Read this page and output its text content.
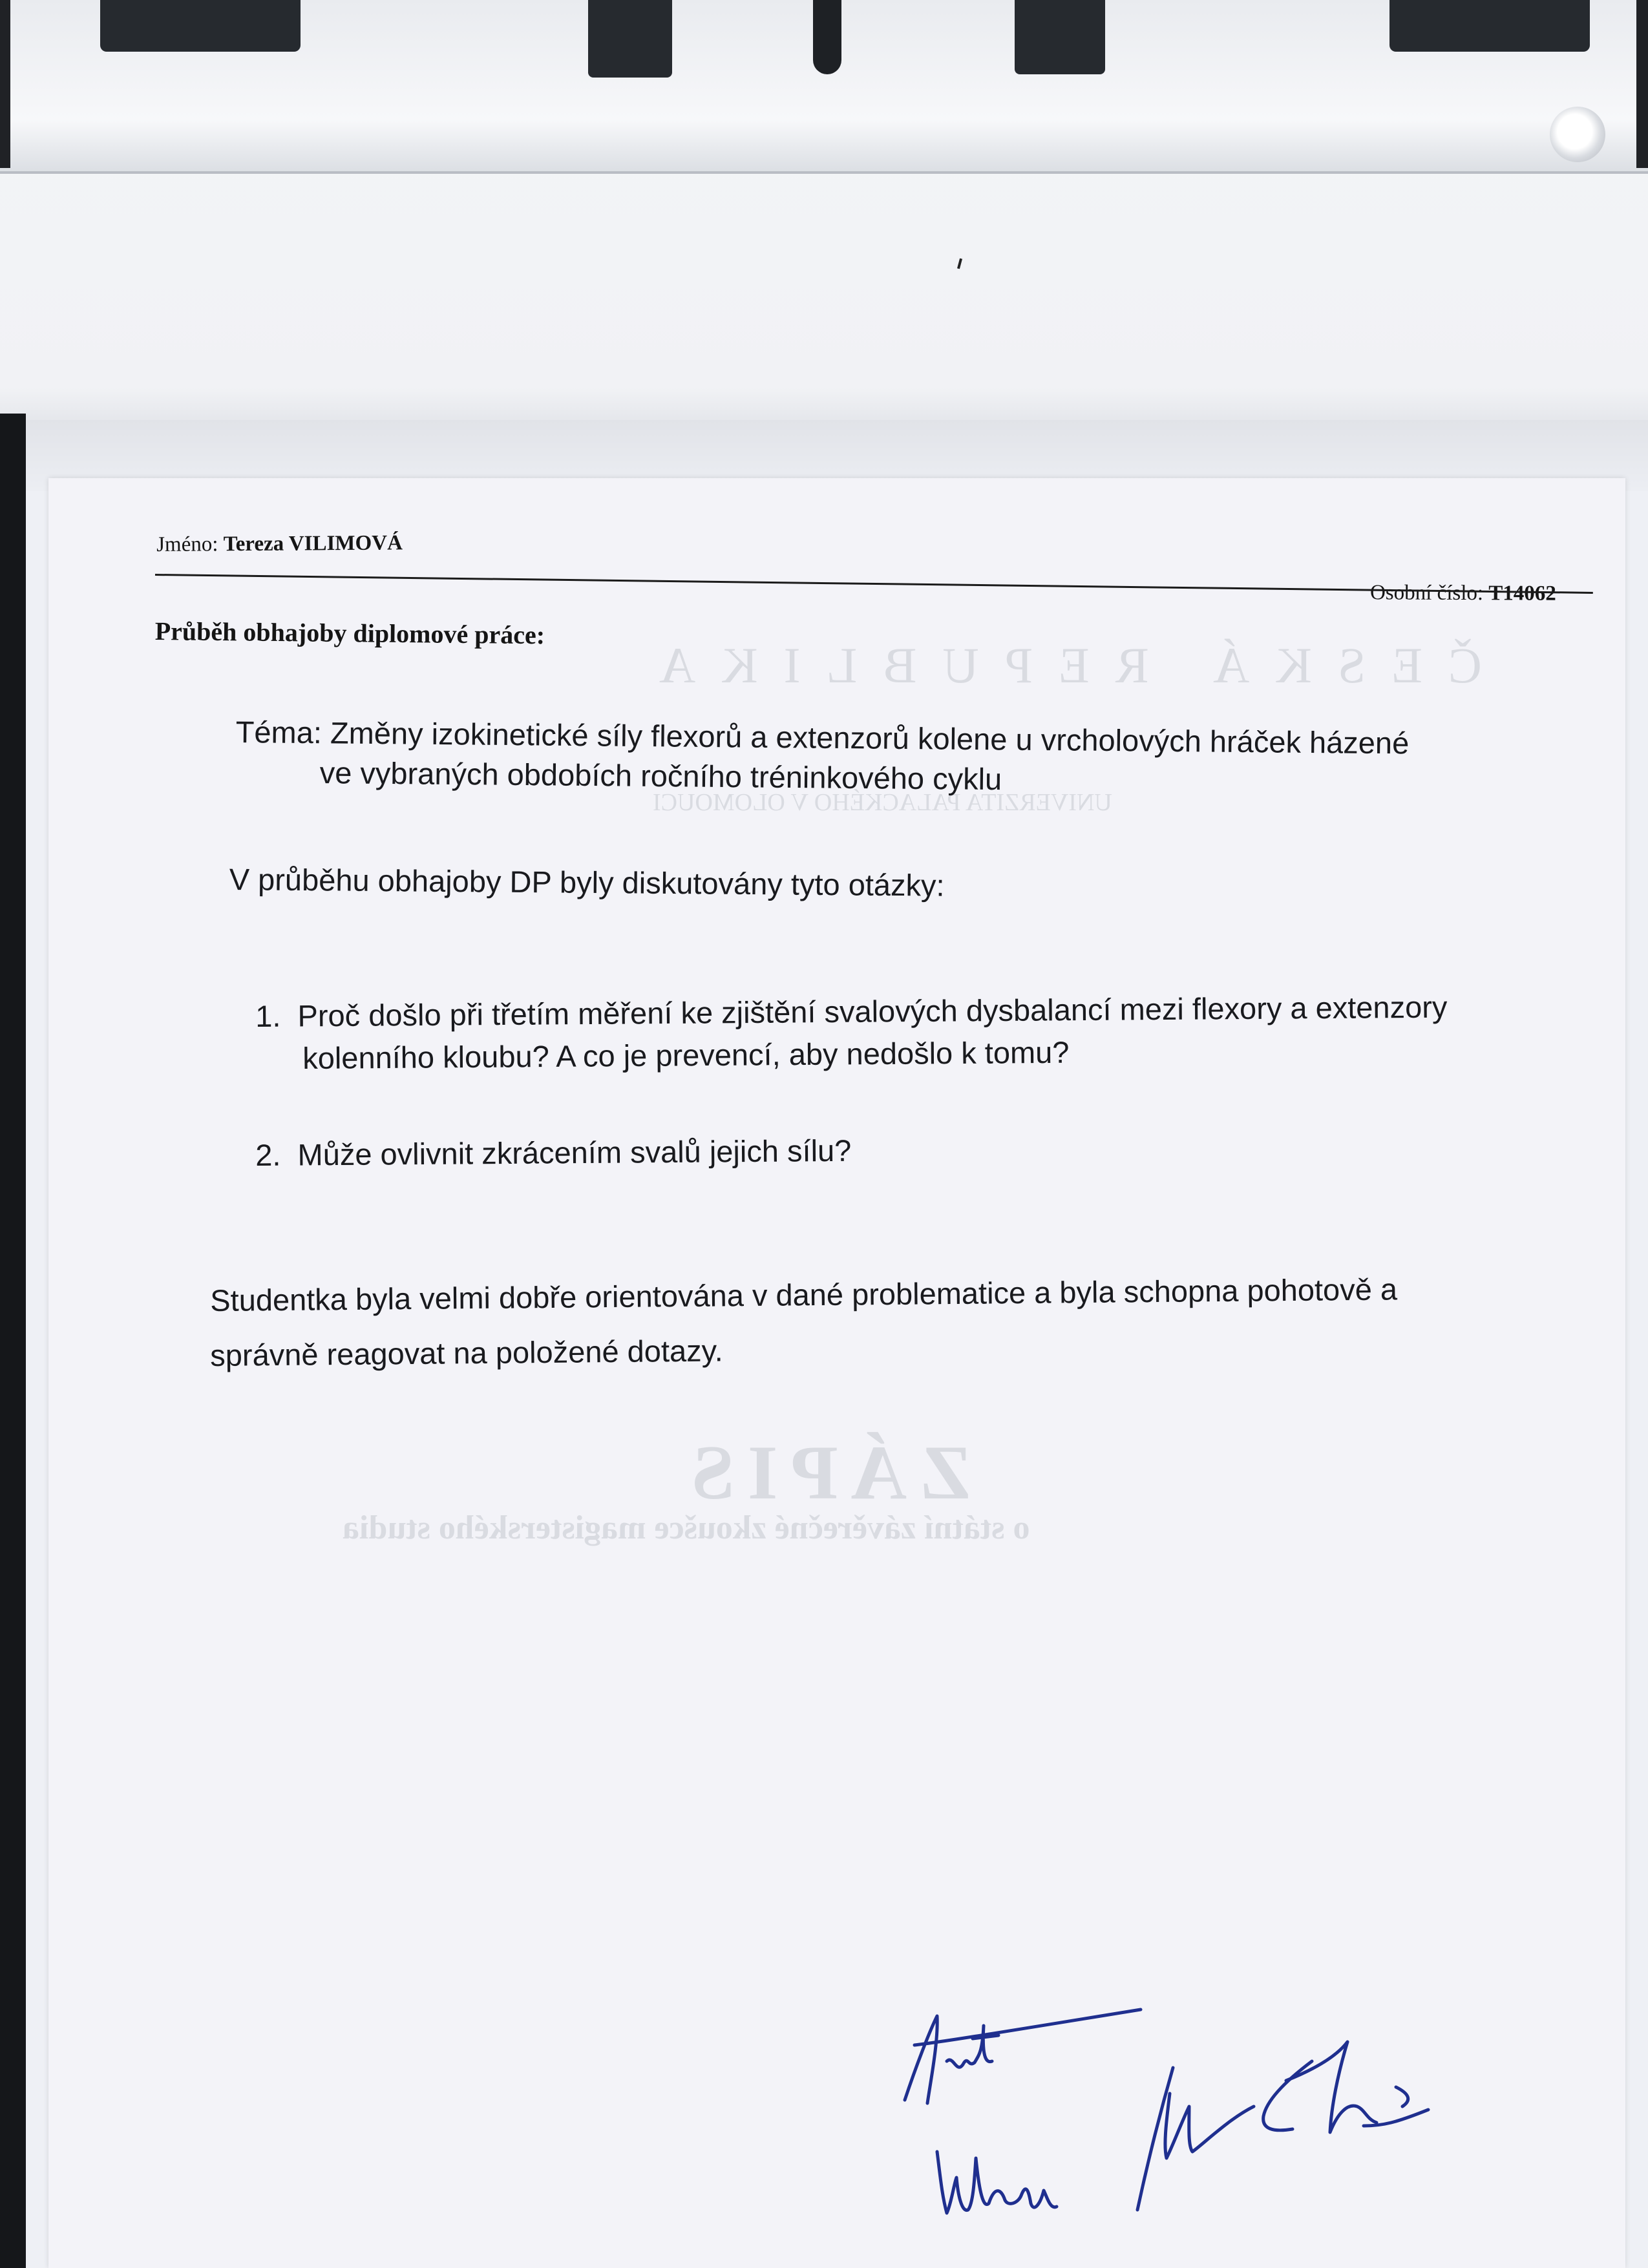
ČESKÁ REPUBLIKA
UNIVERZITA PALACKÉHO V OLOMOUCI
ZÁPIS
o státní závěrečné zkoušce magisterského studia
Jméno: Tereza VILIMOVÁ
Osobní číslo: T14062
Průběh obhajoby diplomové práce:
Téma: Změny izokinetické síly flexorů a extenzorů kolene u vrcholových hráček házené
ve vybraných obdobích ročního tréninkového cyklu
V průběhu obhajoby DP byly diskutovány tyto otázky:
1. Proč došlo při třetím měření ke zjištění svalových dysbalancí mezi flexory a extenzory
kolenního kloubu? A co je prevencí, aby nedošlo k tomu?
2. Může ovlivnit zkrácením svalů jejich sílu?
Studentka byla velmi dobře orientována v dané problematice a byla schopna pohotově a
správně reagovat na položené dotazy.
